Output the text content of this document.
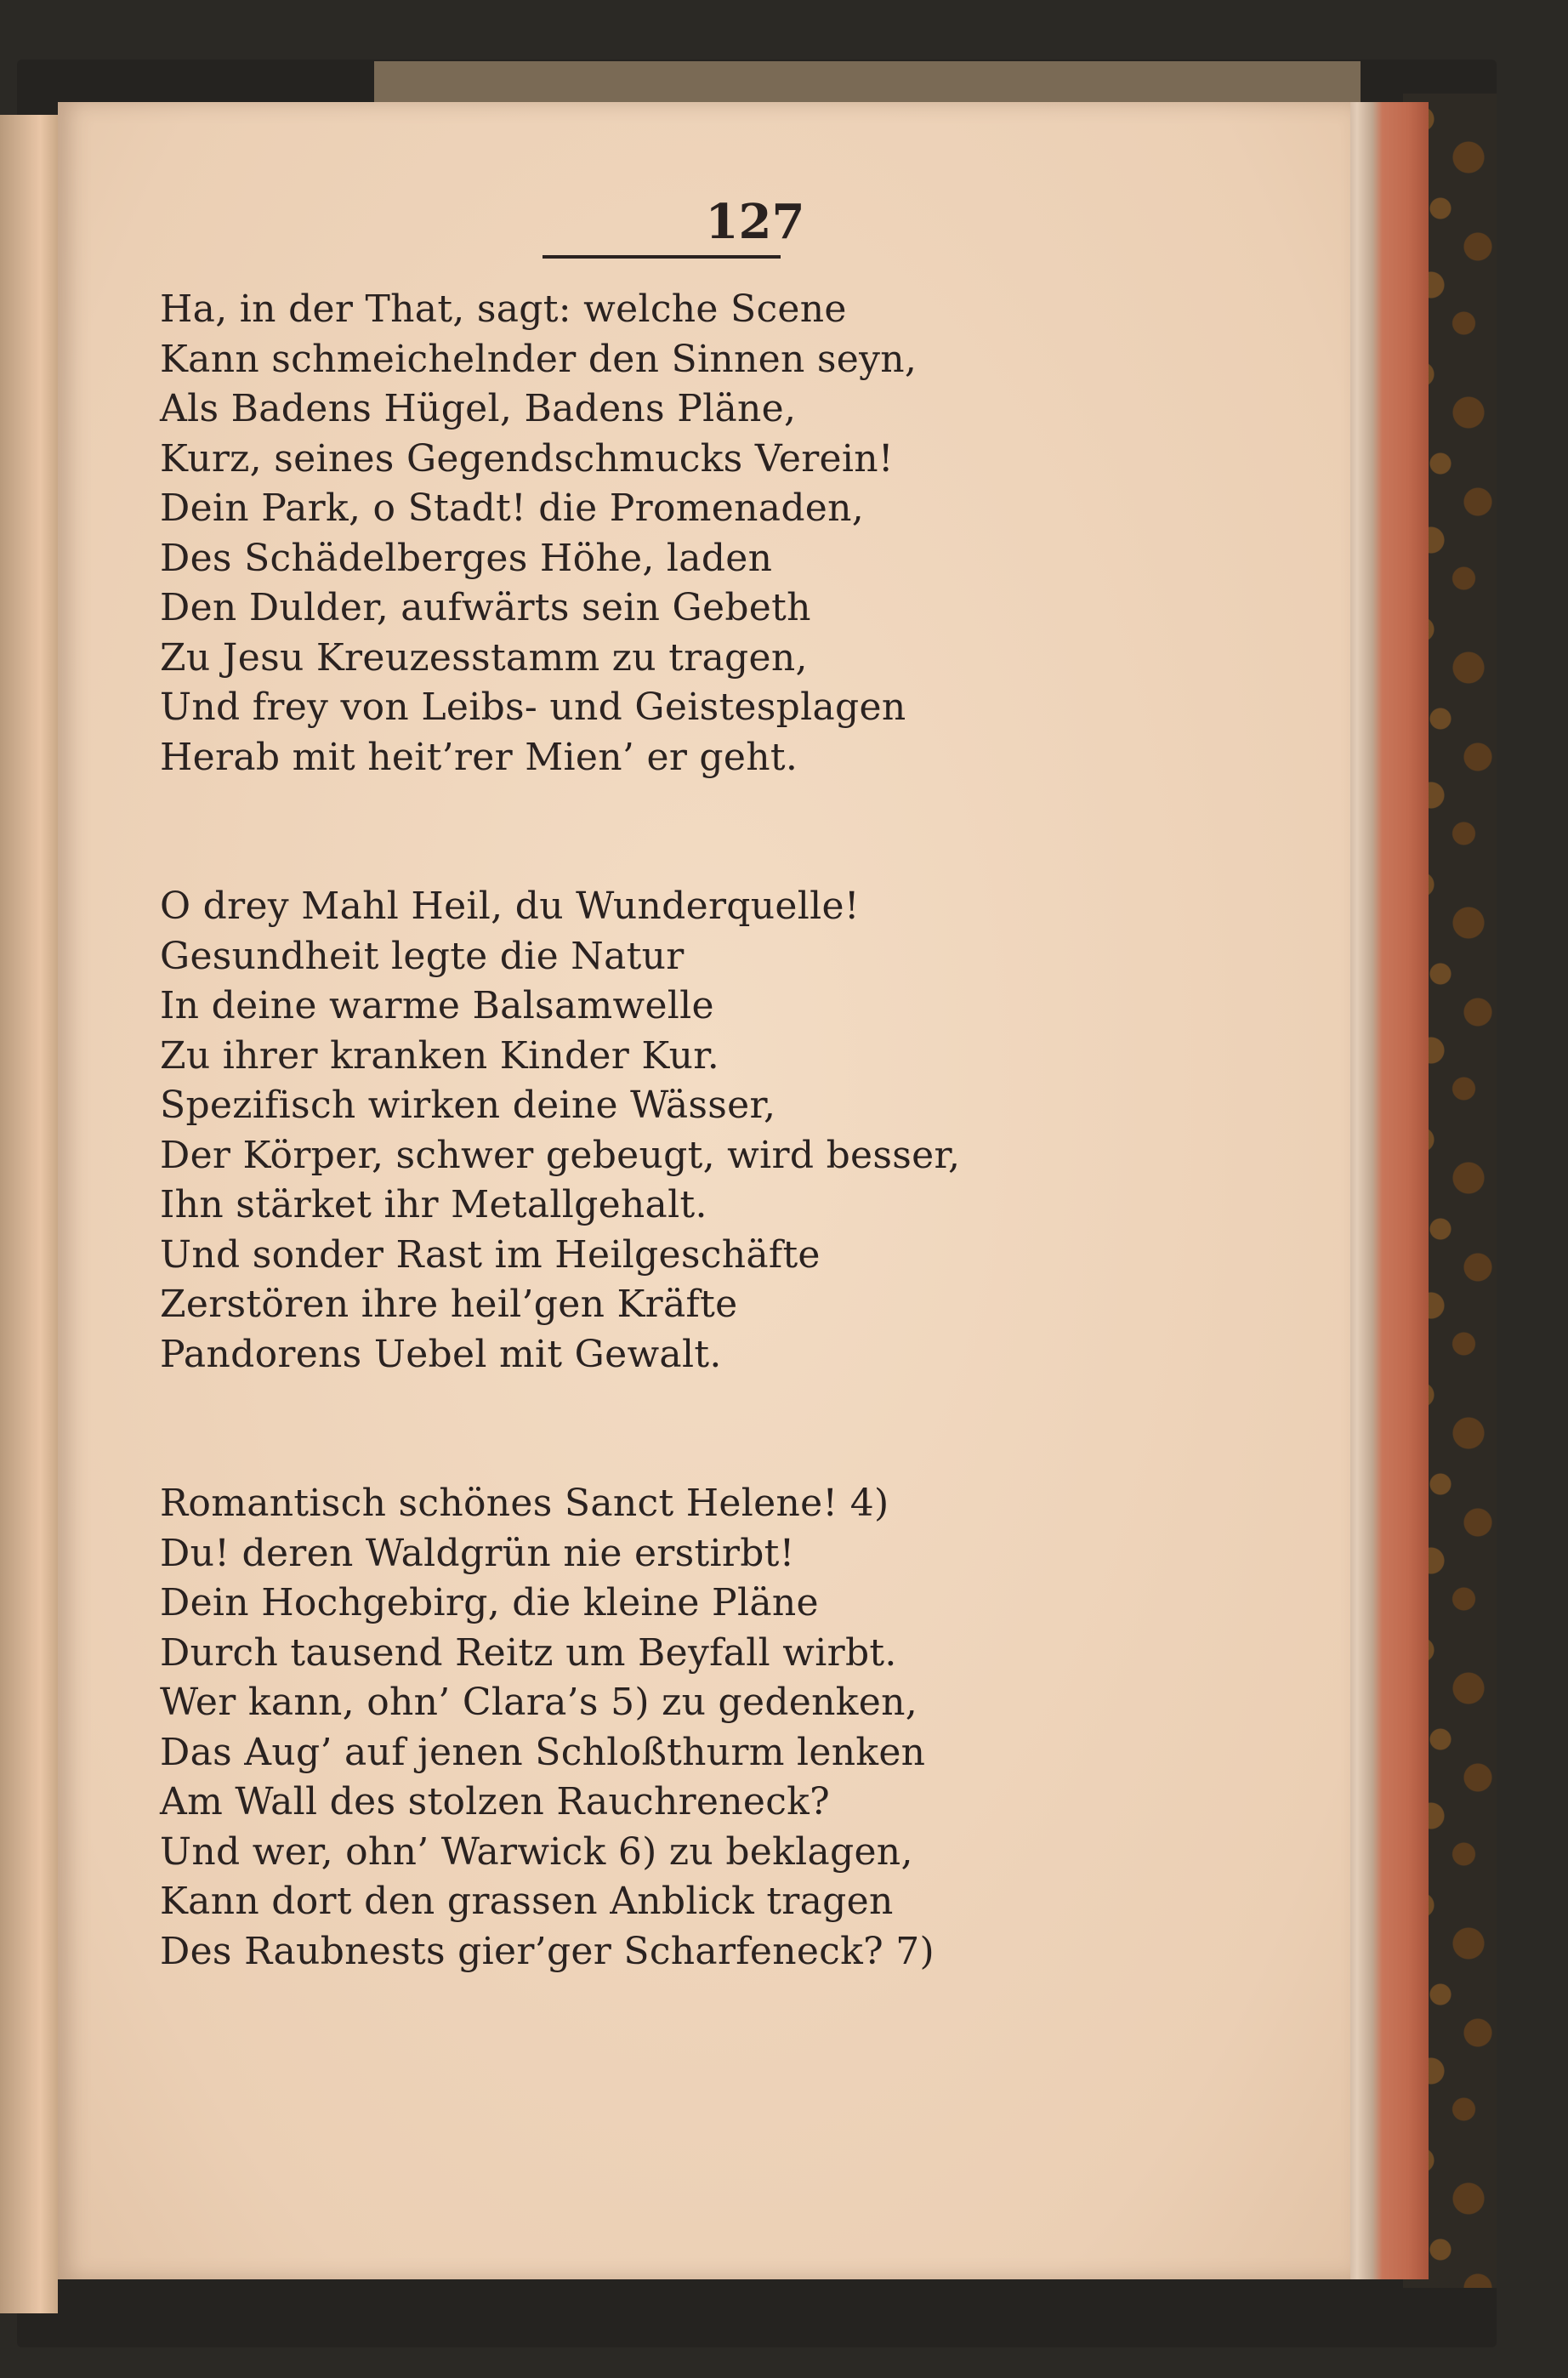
127
Ha, in der That, sagt: welche Scene
Kann schmeichelnder den Sinnen seyn,
Als Badens Hügel, Badens Pläne,
Kurz, seines Gegendschmucks Verein!
Dein Park, o Stadt! die Promenaden,
Des Schädelberges Höhe, laden
Den Dulder, aufwärts sein Gebeth
Zu Jesu Kreuzesstamm zu tragen,
Und frey von Leibs- und Geistesplagen
Herab mit heit’rer Mien’ er geht.
O drey Mahl Heil, du Wunderquelle!
Gesundheit legte die Natur
In deine warme Balsamwelle
Zu ihrer kranken Kinder Kur.
Spezifisch wirken deine Wässer,
Der Körper, schwer gebeugt, wird besser,
Ihn stärket ihr Metallgehalt.
Und sonder Rast im Heilgeschäfte
Zerstören ihre heil’gen Kräfte
Pandorens Uebel mit Gewalt.
Romantisch schönes Sanct Helene! 4)
Du! deren Waldgrün nie erstirbt!
Dein Hochgebirg, die kleine Pläne
Durch tausend Reitz um Beyfall wirbt.
Wer kann, ohn’ Clara’s 5) zu gedenken,
Das Aug’ auf jenen Schloßthurm lenken
Am Wall des stolzen Rauchreneck?
Und wer, ohn’ Warwick 6) zu beklagen,
Kann dort den grassen Anblick tragen
Des Raubnests gier’ger Scharfeneck? 7)
